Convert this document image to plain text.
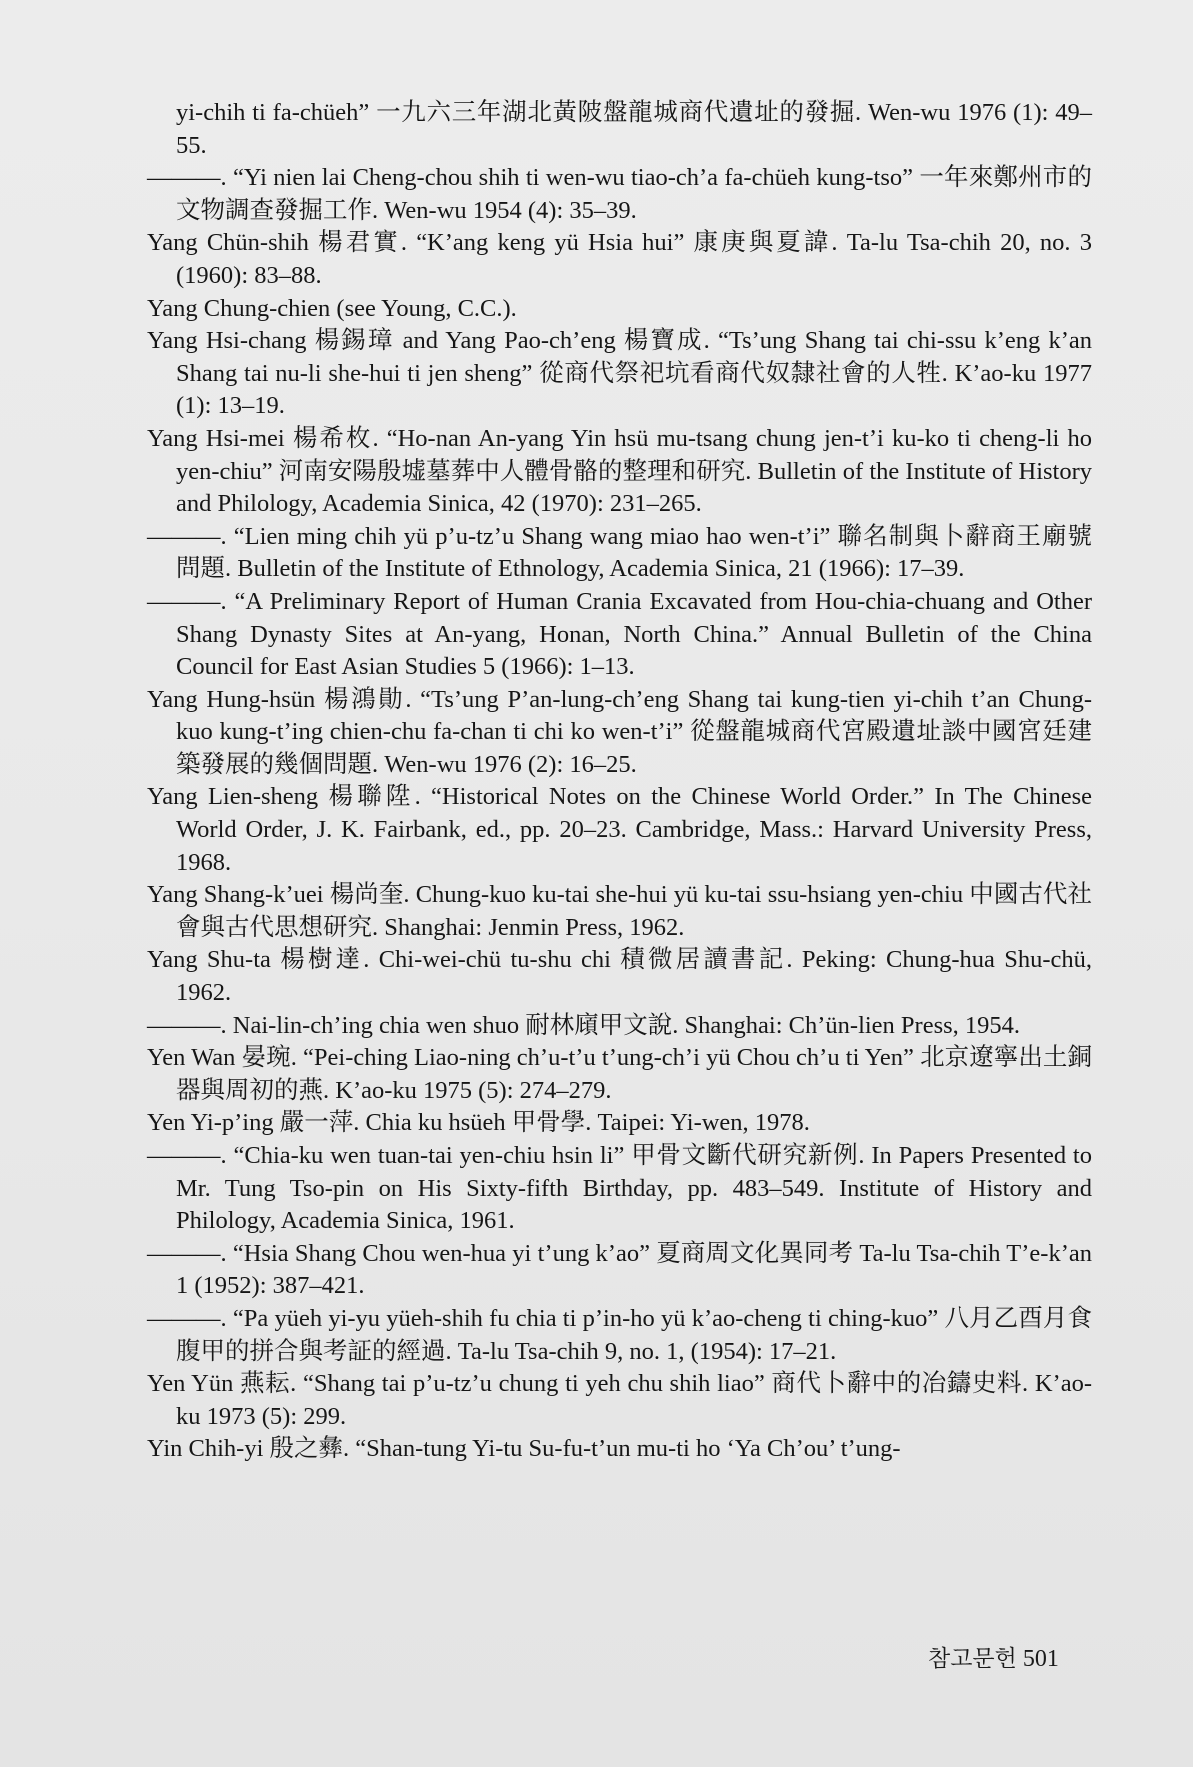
yi-chih ti fa-chüeh” 一九六三年湖北黃陂盤龍城商代遺址的發掘. Wen-wu 1976 (1): 49–55.

———. “Yi nien lai Cheng-chou shih ti wen-wu tiao-ch’a fa-chüeh kung-tso” 一年來鄭州市的文物調查發掘工作. Wen-wu 1954 (4): 35–39.

Yang Chün-shih 楊君實. “K’ang keng yü Hsia hui” 康庚與夏諱. Ta-lu Tsa-chih 20, no. 3 (1960): 83–88.

Yang Chung-chien (see Young, C.C.).

Yang Hsi-chang 楊錫璋 and Yang Pao-ch’eng 楊寶成. “Ts’ung Shang tai chi-ssu k’eng k’an Shang tai nu-li she-hui ti jen sheng” 從商代祭祀坑看商代奴隸社會的人牲. K’ao-ku 1977 (1): 13–19.

Yang Hsi-mei 楊希枚. “Ho-nan An-yang Yin hsü mu-tsang chung jen-t’i ku-ko ti cheng-li ho yen-chiu” 河南安陽殷墟墓葬中人體骨骼的整理和研究. Bulletin of the Institute of History and Philology, Academia Sinica, 42 (1970): 231–265.

———. “Lien ming chih yü p’u-tz’u Shang wang miao hao wen-t’i” 聯名制與卜辭商王廟號問題. Bulletin of the Institute of Ethnology, Academia Sinica, 21 (1966): 17–39.

———. “A Preliminary Report of Human Crania Excavated from Hou-chia-chuang and Other Shang Dynasty Sites at An-yang, Honan, North China.” Annual Bulletin of the China Council for East Asian Studies 5 (1966): 1–13.

Yang Hung-hsün 楊鴻勛. “Ts’ung P’an-lung-ch’eng Shang tai kung-tien yi-chih t’an Chung-kuo kung-t’ing chien-chu fa-chan ti chi ko wen-t’i” 從盤龍城商代宮殿遺址談中國宮廷建築發展的幾個問題. Wen-wu 1976 (2): 16–25.

Yang Lien-sheng 楊聯陞. “Historical Notes on the Chinese World Order.” In The Chinese World Order, J. K. Fairbank, ed., pp. 20–23. Cambridge, Mass.: Harvard University Press, 1968.

Yang Shang-k’uei 楊尚奎. Chung-kuo ku-tai she-hui yü ku-tai ssu-hsiang yen-chiu 中國古代社會與古代思想研究. Shanghai: Jenmin Press, 1962.

Yang Shu-ta 楊樹達. Chi-wei-chü tu-shu chi 積微居讀書記. Peking: Chung-hua Shu-chü, 1962.

———. Nai-lin-ch’ing chia wen shuo 耐林廎甲文說. Shanghai: Ch’ün-lien Press, 1954.

Yen Wan 晏琬. “Pei-ching Liao-ning ch’u-t’u t’ung-ch’i yü Chou ch’u ti Yen” 北京遼寧出土銅器與周初的燕. K’ao-ku 1975 (5): 274–279.

Yen Yi-p’ing 嚴一萍. Chia ku hsüeh 甲骨學. Taipei: Yi-wen, 1978.

———. “Chia-ku wen tuan-tai yen-chiu hsin li” 甲骨文斷代研究新例. In Papers Presented to Mr. Tung Tso-pin on His Sixty-fifth Birthday, pp. 483–549. Institute of History and Philology, Academia Sinica, 1961.

———. “Hsia Shang Chou wen-hua yi t’ung k’ao” 夏商周文化異同考 Ta-lu Tsa-chih T’e-k’an 1 (1952): 387–421.

———. “Pa yüeh yi-yu yüeh-shih fu chia ti p’in-ho yü k’ao-cheng ti ching-kuo” 八月乙酉月食腹甲的拼合與考証的經過. Ta-lu Tsa-chih 9, no. 1, (1954): 17–21.

Yen Yün 燕耘. “Shang tai p’u-tz’u chung ti yeh chu shih liao” 商代卜辭中的冶鑄史料. K’ao-ku 1973 (5): 299.

Yin Chih-yi 殷之彝. “Shan-tung Yi-tu Su-fu-t’un mu-ti ho ‘Ya Ch’ou’ t’ung-

참고문헌 501
